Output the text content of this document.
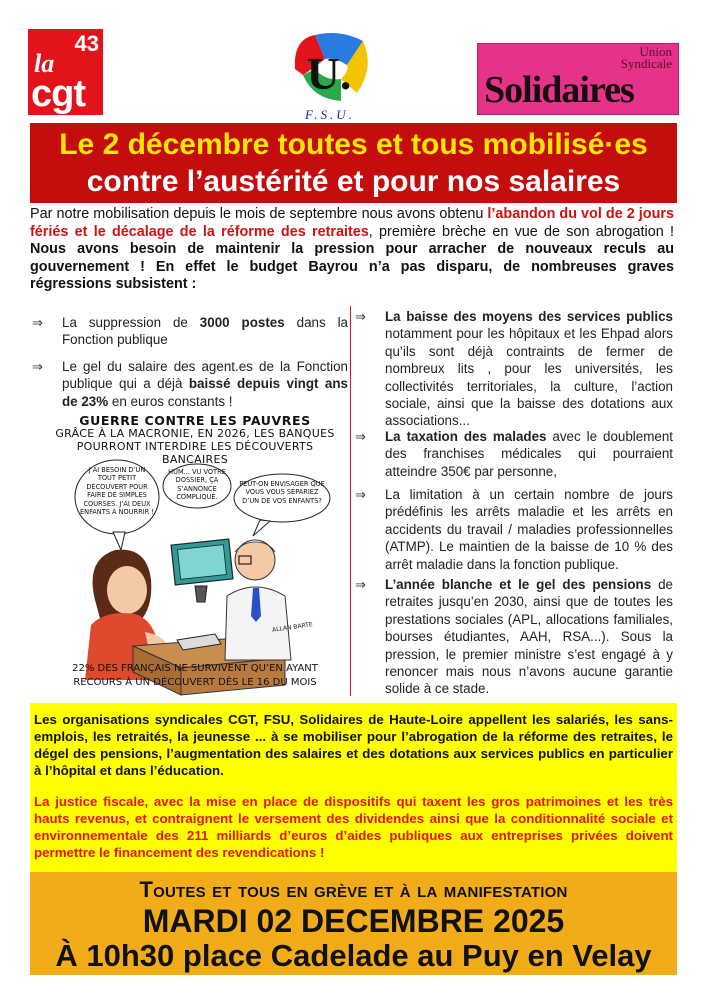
43
la
cgt	U.
F.S.U.
Union
Syndicale
Solidaires
Le 2 décembre toutes et tous mobilisé·es
contre l’austérité et pour nos salaires
Par notre mobilisation depuis le mois de septembre nous avons obtenu l’abandon du vol de 2 jours fériés et le décalage de la réforme des retraites, première brèche en vue de son abrogation ! Nous avons besoin de maintenir la pression pour arracher de nouveaux reculs au gouvernement ! En effet le budget Bayrou n’a pas disparu, de nombreuses graves régressions subsistent :
⇒ La suppression de 3000 postes dans la Fonction publique
⇒ Le gel du salaire des agent.es de la Fonction publique qui a déjà baissé depuis vingt ans de 23% en euros constants !
GUERRE CONTRE LES PAUVRES
GRÂCE À LA MACRONIE, EN 2026, LES BANQUES POURRONT INTERDIRE LES DÉCOUVERTS BANCAIRES
J’AI BESOIN D’UN TOUT PETIT DÉCOUVERT POUR FAIRE DE SIMPLES COURSES. J’AI DEUX ENFANTS À NOURRIR !
HUM... VU VOTRE DOSSIER, ÇA S’ANNONCE COMPLIQUÉ.
PEUT-ON ENVISAGER QUE VOUS VOUS SÉPARIEZ D’UN DE VOS ENFANTS?
ALLAN BARTE
22% DES FRANÇAIS NE SURVIVENT QU’EN AYANT RECOURS À UN DÉCOUVERT DÈS LE 16 DU MOIS
⇒ La baisse des moyens des services publics notamment pour les hôpitaux et les Ehpad alors qu’ils sont déjà contraints de fermer de nombreux lits , pour les universités, les collectivités territoriales, la culture, l’action sociale, ainsi que la baisse des dotations aux associations...
⇒ La taxation des malades avec le doublement des franchises médicales qui pourraient atteindre 350€ par personne,
⇒ La limitation à un certain nombre de jours prédéfinis les arrêts maladie et les arrêts en accidents du travail / maladies professionnelles (ATMP). Le maintien de la baisse de 10 % des arrêt maladie dans la fonction publique.
⇒ L’année blanche et le gel des pensions de retraites jusqu’en 2030, ainsi que de toutes les prestations sociales (APL, allocations familiales, bourses étudiantes, AAH, RSA...). Sous la pression, le premier ministre s’est engagé à y renoncer mais nous n’avons aucune garantie solide à ce stade.
Les organisations syndicales CGT, FSU, Solidaires de Haute-Loire appellent les salariés, les sans-emplois, les retraités, la jeunesse ... à se mobiliser pour l’abrogation de la réforme des retraites, le dégel des pensions, l’augmentation des salaires et des dotations aux services publics en particulier à l’hôpital et dans l’éducation.
La justice fiscale, avec la mise en place de dispositifs qui taxent les gros patrimoines et les très hauts revenus, et contraignent le versement des dividendes ainsi que la conditionnalité sociale et environnementale des 211 milliards d’euros d’aides publiques aux entreprises privées doivent permettre le financement des revendications !
Toutes et tous en grève et à la manifestation
MARDI 02 DECEMBRE 2025
À 10h30 place Cadelade au Puy en Velay
